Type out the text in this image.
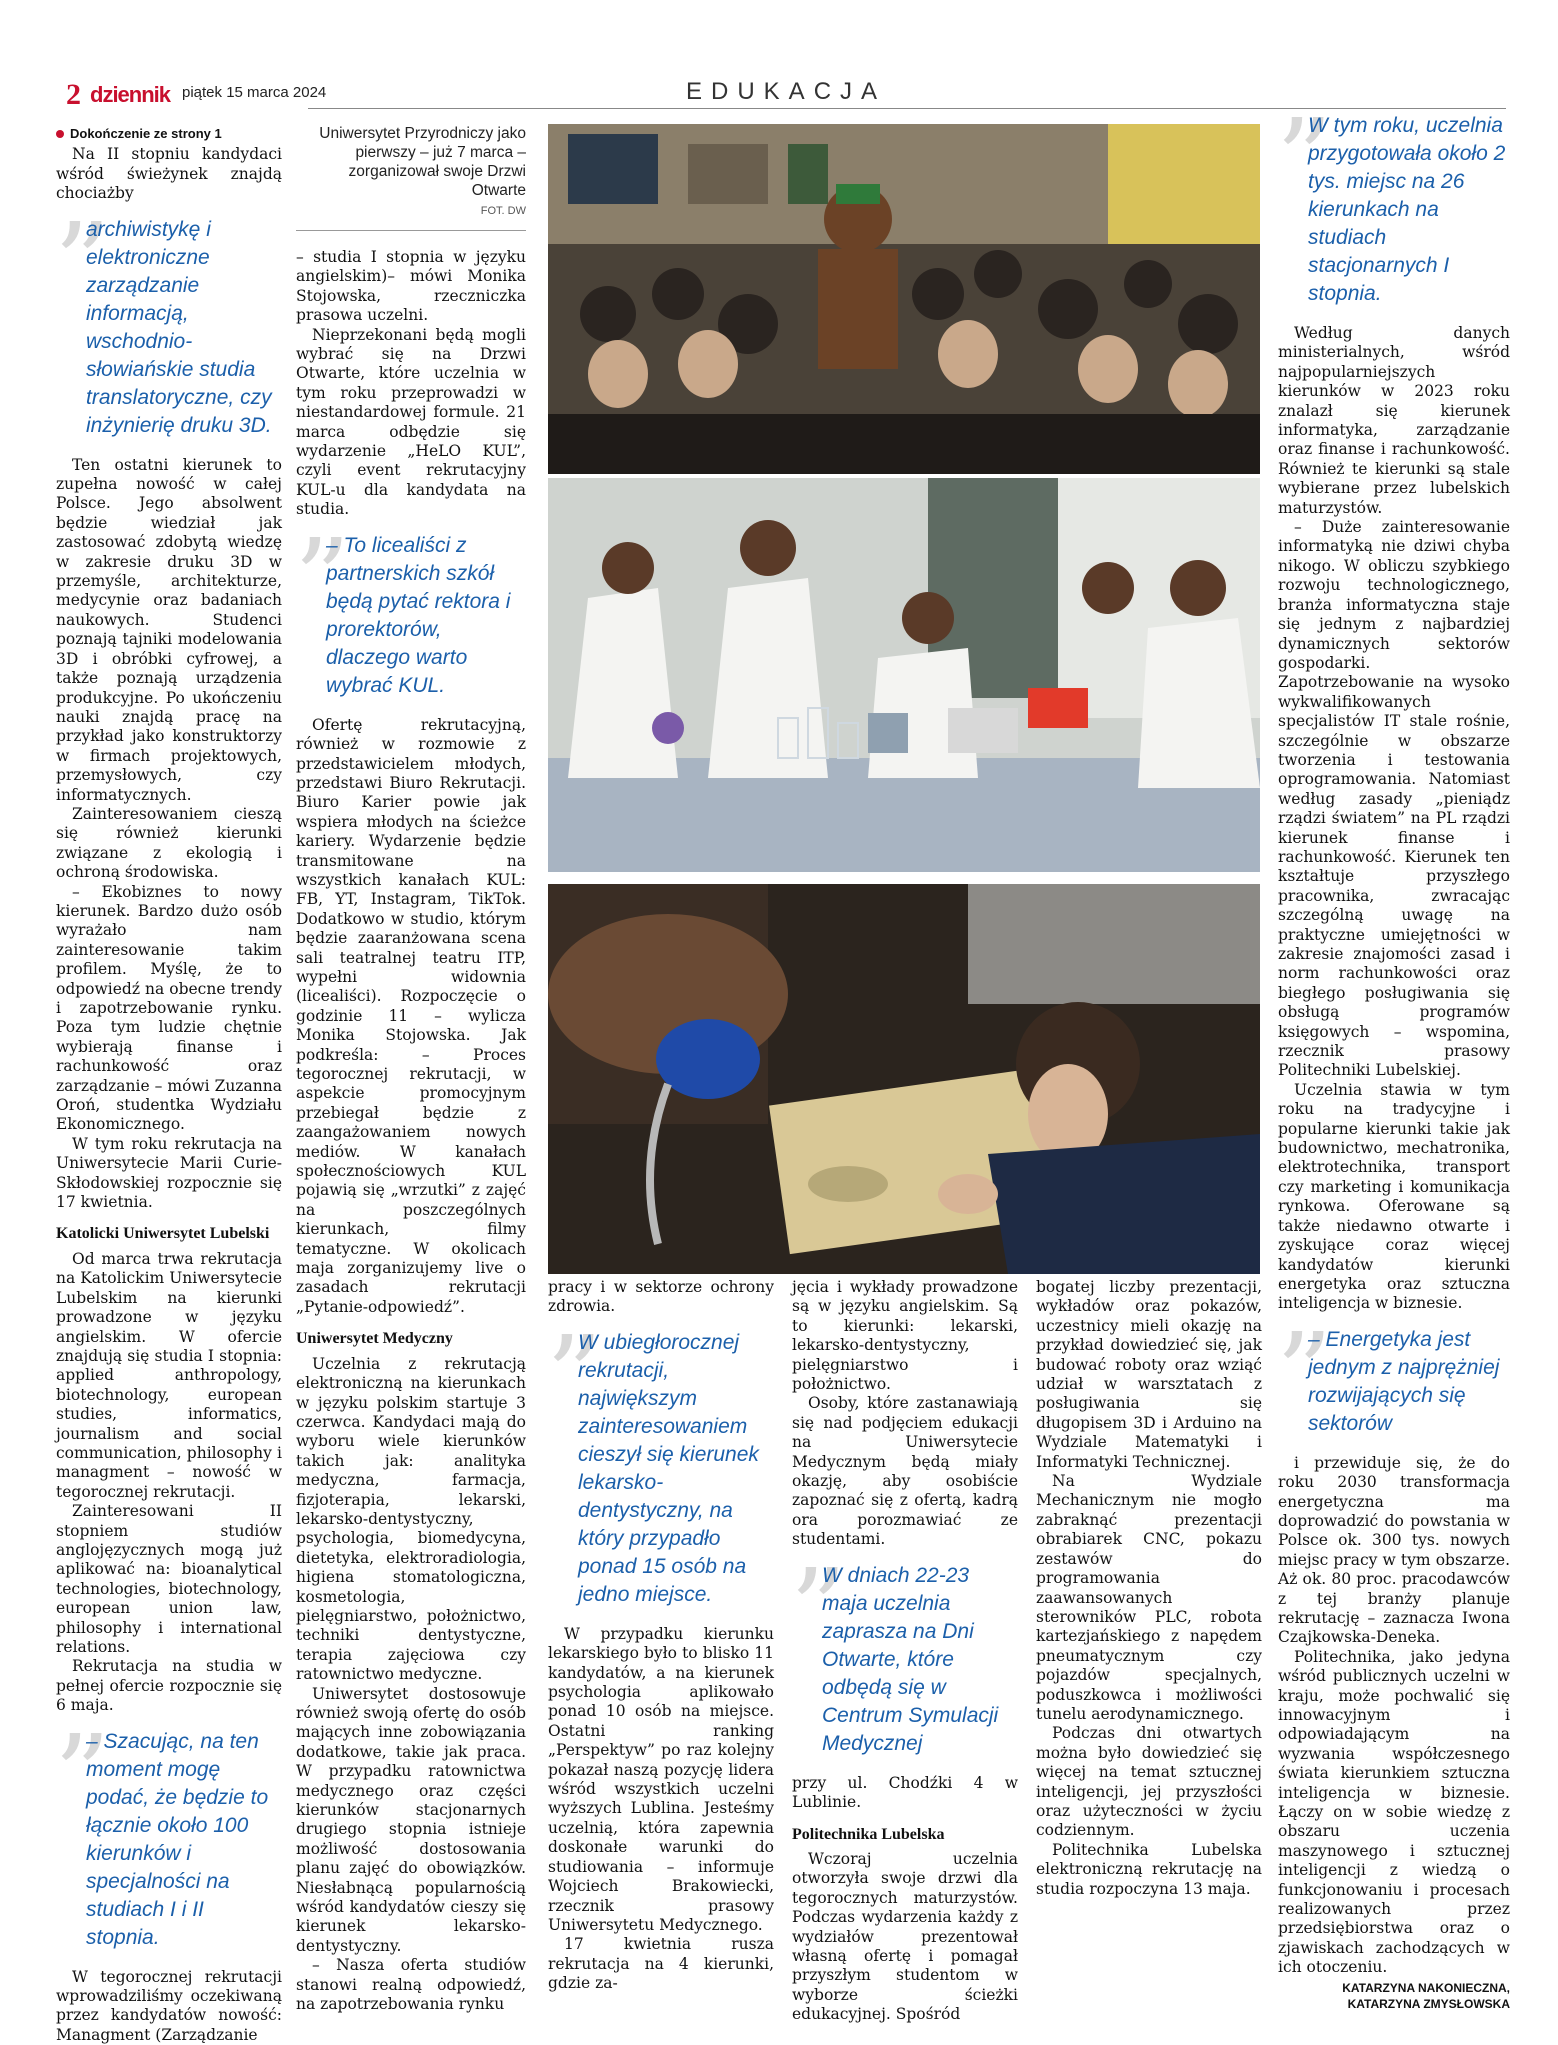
2 dziennik piątek 15 marca 2024	EDUKACJA
Dokończenie ze strony 1

Na II stopniu kandydaci wśród świeżynek znajdą chociażby

”
archiwistykę i elektroniczne zarządzanie informacją, wschodnio-słowiańskie studia translatoryczne, czy inżynierię druku 3D.

Ten ostatni kierunek to zupełna nowość w całej Polsce. Jego absolwent będzie wiedział jak zastosować zdobytą wiedzę w zakresie druku 3D w przemyśle, architekturze, medycynie oraz badaniach naukowych. Studenci poznają tajniki modelowania 3D i obróbki cyfrowej, a także poznają urządzenia produkcyjne. Po ukończeniu nauki znajdą pracę na przykład jako konstruktorzy w firmach projektowych, przemysłowych, czy informatycznych.

Zainteresowaniem cieszą się również kierunki związane z ekologią i ochroną środowiska.

– Ekobiznes to nowy kierunek. Bardzo dużo osób wyrażało nam zainteresowanie takim profilem. Myślę, że to odpowiedź na obecne trendy i zapotrzebowanie rynku. Poza tym ludzie chętnie wybierają finanse i rachunkowość oraz zarządzanie – mówi Zuzanna Oroń, studentka Wydziału Ekonomicznego.

W tym roku rekrutacja na Uniwersytecie Marii Curie-Skłodowskiej rozpocznie się 17 kwietnia.

Katolicki Uniwersytet Lubelski

Od marca trwa rekrutacja na Katolickim Uniwersytecie Lubelskim na kierunki prowadzone w języku angielskim. W ofercie znajdują się studia I stopnia: applied anthropology, biotechnology, european studies, informatics, journalism and social communication, philosophy i managment – nowość w tegorocznej rekrutacji.

Zainteresowani II stopniem studiów anglojęzycznych mogą już aplikować na: bioanalytical technologies, biotechnology, european union law, philosophy i international relations.

Rekrutacja na studia w pełnej ofercie rozpocznie się 6 maja.

”
– Szacując, na ten moment mogę podać, że będzie to łącznie około 100 kierunków i specjalności na studiach I i II stopnia.

W tegorocznej rekrutacji wprowadziliśmy oczekiwaną przez kandydatów nowość: Managment (Zarządzanie

Uniwersytet Przyrodniczy jako pierwszy – już 7 marca – zorganizował swoje Drzwi Otwarte
FOT. DW

– studia I stopnia w języku angielskim)– mówi Monika Stojowska, rzeczniczka prasowa uczelni.

Nieprzekonani będą mogli wybrać się na Drzwi Otwarte, które uczelnia w tym roku przeprowadzi w niestandardowej formule. 21 marca odbędzie się wydarzenie „HeLO KUL”, czyli event rekrutacyjny KUL-u dla kandydata na studia.

”
– To licealiści z partnerskich szkół będą pytać rektora i prorektorów, dlaczego warto wybrać KUL.

Ofertę rekrutacyjną, również w rozmowie z przedstawicielem młodych, przedstawi Biuro Rekrutacji. Biuro Karier powie jak wspiera młodych na ścieżce kariery. Wydarzenie będzie transmitowane na wszystkich kanałach KUL: FB, YT, Instagram, TikTok. Dodatkowo w studio, którym będzie zaaranżowana scena sali teatralnej teatru ITP, wypełni widownia (licealiści). Rozpoczęcie o godzinie 11 – wylicza Monika Stojowska. Jak podkreśla: – Proces tegorocznej rekrutacji, w aspekcie promocyjnym przebiegał będzie z zaangażowaniem nowych mediów. W kanałach społecznościowych KUL pojawią się „wrzutki” z zajęć na poszczególnych kierunkach, filmy tematyczne. W okolicach maja zorganizujemy live o zasadach rekrutacji „Pytanie-odpowiedź”.

Uniwersytet Medyczny

Uczelnia z rekrutacją elektroniczną na kierunkach w języku polskim startuje 3 czerwca. Kandydaci mają do wyboru wiele kierunków takich jak: analityka medyczna, farmacja, fizjoterapia, lekarski, lekarsko-dentystyczny, psychologia, biomedycyna, dietetyka, elektroradiologia, higiena stomatologiczna, kosmetologia, pielęgniarstwo, położnictwo, techniki dentystyczne, terapia zajęciowa czy ratownictwo medyczne.

Uniwersytet dostosowuje również swoją ofertę do osób mających inne zobowiązania dodatkowe, takie jak praca. W przypadku ratownictwa medycznego oraz części kierunków stacjonarnych drugiego stopnia istnieje możliwość dostosowania planu zajęć do obowiązków. Niesłabnącą popularnością wśród kandydatów cieszy się kierunek lekarsko-dentystyczny.

– Nasza oferta studiów stanowi realną odpowiedź, na zapotrzebowania rynku

pracy i w sektorze ochrony zdrowia.

”
W ubiegłorocznej rekrutacji, największym zainteresowaniem cieszył się kierunek lekarsko-dentystyczny, na który przypadło ponad 15 osób na jedno miejsce.

W przypadku kierunku lekarskiego było to blisko 11 kandydatów, a na kierunek psychologia aplikowało ponad 10 osób na miejsce. Ostatni ranking „Perspektyw” po raz kolejny pokazał naszą pozycję lidera wśród wszystkich uczelni wyższych Lublina. Jesteśmy uczelnią, która zapewnia doskonałe warunki do studiowania – informuje Wojciech Brakowiecki, rzecznik prasowy Uniwersytetu Medycznego.

17 kwietnia rusza rekrutacja na 4 kierunki, gdzie za-

jęcia i wykłady prowadzone są w języku angielskim. Są to kierunki: lekarski, lekarsko-dentystyczny, pielęgniarstwo i położnictwo.

Osoby, które zastanawiają się nad podjęciem edukacji na Uniwersytecie Medycznym będą miały okazję, aby osobiście zapoznać się z ofertą, kadrą ora porozmawiać ze studentami.

”
W dniach 22-23 maja uczelnia zaprasza na Dni Otwarte, które odbędą się w Centrum Symulacji Medycznej

przy ul. Chodźki 4 w Lublinie.

Politechnika Lubelska

Wczoraj uczelnia otworzyła swoje drzwi dla tegorocznych maturzystów. Podczas wydarzenia każdy z wydziałów prezentował własną ofertę i pomagał przyszłym studentom w wyborze ścieżki edukacyjnej. Spośród

bogatej liczby prezentacji, wykładów oraz pokazów, uczestnicy mieli okazję na przykład dowiedzieć się, jak budować roboty oraz wziąć udział w warsztatach z posługiwania się długopisem 3D i Arduino na Wydziale Matematyki i Informatyki Technicznej.

Na Wydziale Mechanicznym nie mogło zabraknąć prezentacji obrabiarek CNC, pokazu zestawów do programowania zaawansowanych sterowników PLC, robota kartezjańskiego z napędem pneumatycznym czy pojazdów specjalnych, poduszkowca i możliwości tunelu aerodynamicznego.

Podczas dni otwartych można było dowiedzieć się więcej na temat sztucznej inteligencji, jej przyszłości oraz użyteczności w życiu codziennym.

Politechnika Lubelska elektroniczną rekrutację na studia rozpoczyna 13 maja.

”
W tym roku, uczelnia przygotowała około 2 tys. miejsc na 26 kierunkach na studiach stacjonarnych I stopnia.

Według danych ministerialnych, wśród najpopularniejszych kierunków w 2023 roku znalazł się kierunek informatyka, zarządzanie oraz finanse i rachunkowość. Również te kierunki są stale wybierane przez lubelskich maturzystów.

– Duże zainteresowanie informatyką nie dziwi chyba nikogo. W obliczu szybkiego rozwoju technologicznego, branża informatyczna staje się jednym z najbardziej dynamicznych sektorów gospodarki. Zapotrzebowanie na wysoko wykwalifikowanych specjalistów IT stale rośnie, szczególnie w obszarze tworzenia i testowania oprogramowania. Natomiast według zasady „pieniądz rządzi światem” na PL rządzi kierunek finanse i rachunkowość. Kierunek ten kształtuje przyszłego pracownika, zwracając szczególną uwagę na praktyczne umiejętności w zakresie znajomości zasad i norm rachunkowości oraz biegłego posługiwania się obsługą programów księgowych – wspomina, rzecznik prasowy Politechniki Lubelskiej.

Uczelnia stawia w tym roku na tradycyjne i popularne kierunki takie jak budownictwo, mechatronika, elektrotechnika, transport czy marketing i komunikacja rynkowa. Oferowane są także niedawno otwarte i zyskujące coraz więcej kandydatów kierunki energetyka oraz sztuczna inteligencja w biznesie.

”
– Energetyka jest jednym z najprężniej rozwijających się sektorów

i przewiduje się, że do roku 2030 transformacja energetyczna ma doprowadzić do powstania w Polsce ok. 300 tys. nowych miejsc pracy w tym obszarze. Aż ok. 80 proc. pracodawców z tej branży planuje rekrutację – zaznacza Iwona Czajkowska-Deneka.

Politechnika, jako jedyna wśród publicznych uczelni w kraju, może pochwalić się innowacyjnym i odpowiadającym na wyzwania współczesnego świata kierunkiem sztuczna inteligencja w biznesie. Łączy on w sobie wiedzę z obszaru uczenia maszynowego i sztucznej inteligencji z wiedzą o funkcjonowaniu i procesach realizowanych przez przedsiębiorstwa oraz o zjawiskach zachodzących w ich otoczeniu.

KATARZYNA NAKONIECZNA, KATARZYNA ZMYSŁOWSKA
